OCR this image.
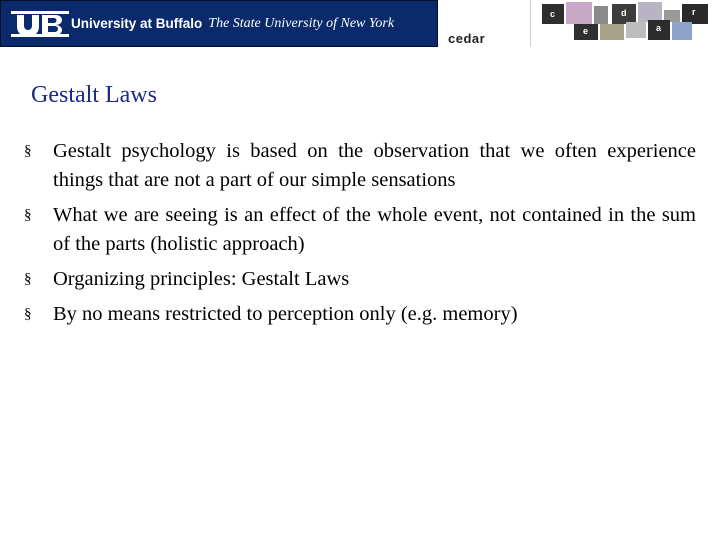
University at Buffalo The State University of New York
cedar
c
e
d
a
r
Gestalt Laws
§ Gestalt psychology is based on the observation that we often experience things that are not a part of our simple sensations
§ What we are seeing is an effect of the whole event, not contained in the sum of the parts (holistic approach)
§ Organizing principles: Gestalt Laws
§ By no means restricted to perception only (e.g. memory)
